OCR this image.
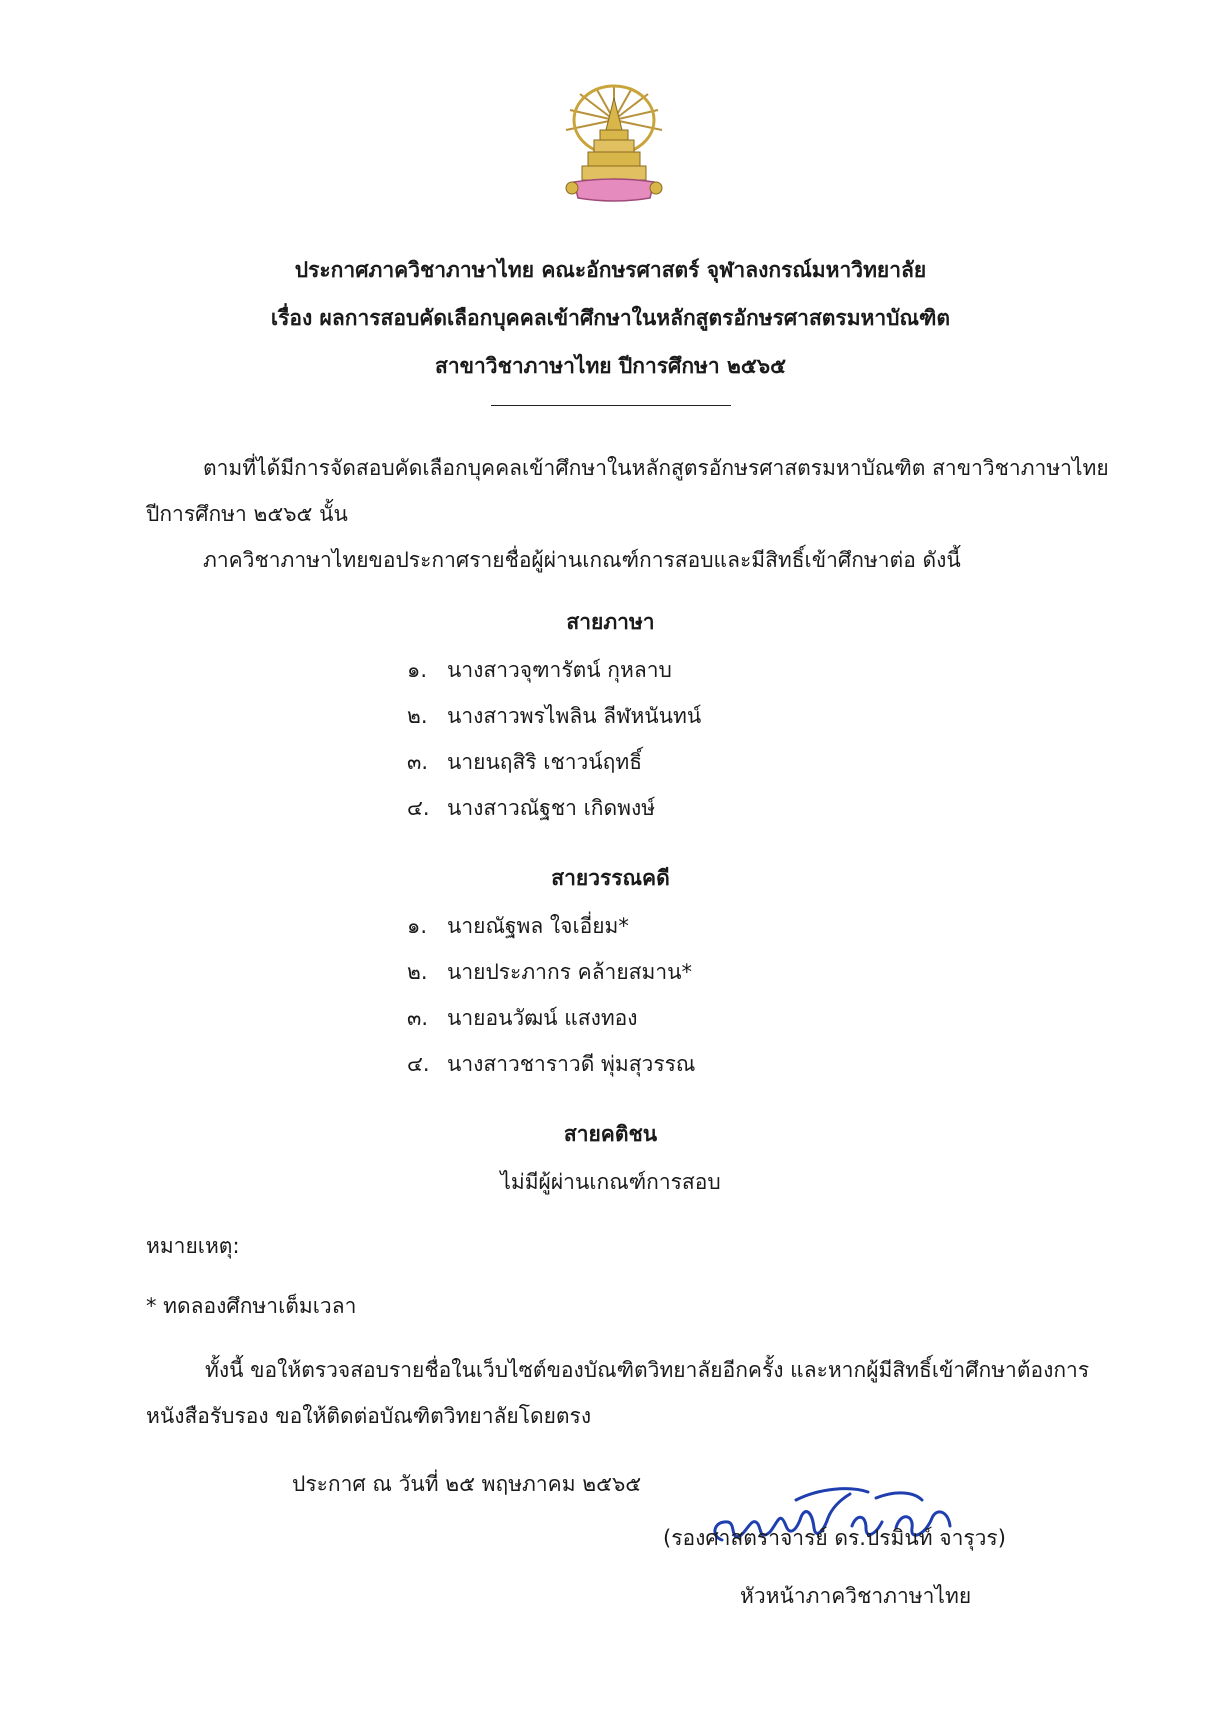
ประกาศภาควิชาภาษาไทย คณะอักษรศาสตร์ จุฬาลงกรณ์มหาวิทยาลัย
เรื่อง ผลการสอบคัดเลือกบุคคลเข้าศึกษาในหลักสูตรอักษรศาสตรมหาบัณฑิต
สาขาวิชาภาษาไทย ปีการศึกษา ๒๕๖๕
ตามที่ได้มีการจัดสอบคัดเลือกบุคคลเข้าศึกษาในหลักสูตรอักษรศาสตรมหาบัณฑิต สาขาวิชาภาษาไทย
ปีการศึกษา ๒๕๖๕ นั้น
ภาควิชาภาษาไทยขอประกาศรายชื่อผู้ผ่านเกณฑ์การสอบและมีสิทธิ์เข้าศึกษาต่อ ดังนี้
สายภาษา
๑. นางสาวจุฑารัตน์ กุหลาบ
๒. นางสาวพรไพลิน ลีฬหนันทน์
๓. นายนฤสิริ เชาวน์ฤทธิ์
๔. นางสาวณัฐชา เกิดพงษ์
สายวรรณคดี
๑. นายณัฐพล ใจเอี่ยม*
๒. นายประภากร คล้ายสมาน*
๓. นายอนวัฒน์ แสงทอง
๔. นางสาวชาราวดี พุ่มสุวรรณ
สายคติชน
ไม่มีผู้ผ่านเกณฑ์การสอบ
หมายเหตุ:
* ทดลองศึกษาเต็มเวลา
ทั้งนี้ ขอให้ตรวจสอบรายชื่อในเว็บไซต์ของบัณฑิตวิทยาลัยอีกครั้ง และหากผู้มีสิทธิ์เข้าศึกษาต้องการ
หนังสือรับรอง ขอให้ติดต่อบัณฑิตวิทยาลัยโดยตรง
ประกาศ ณ วันที่ ๒๕ พฤษภาคม ๒๕๖๕
(รองศาสตราจารย์ ดร.ปรมินท์ จารุวร)
หัวหน้าภาควิชาภาษาไทย
